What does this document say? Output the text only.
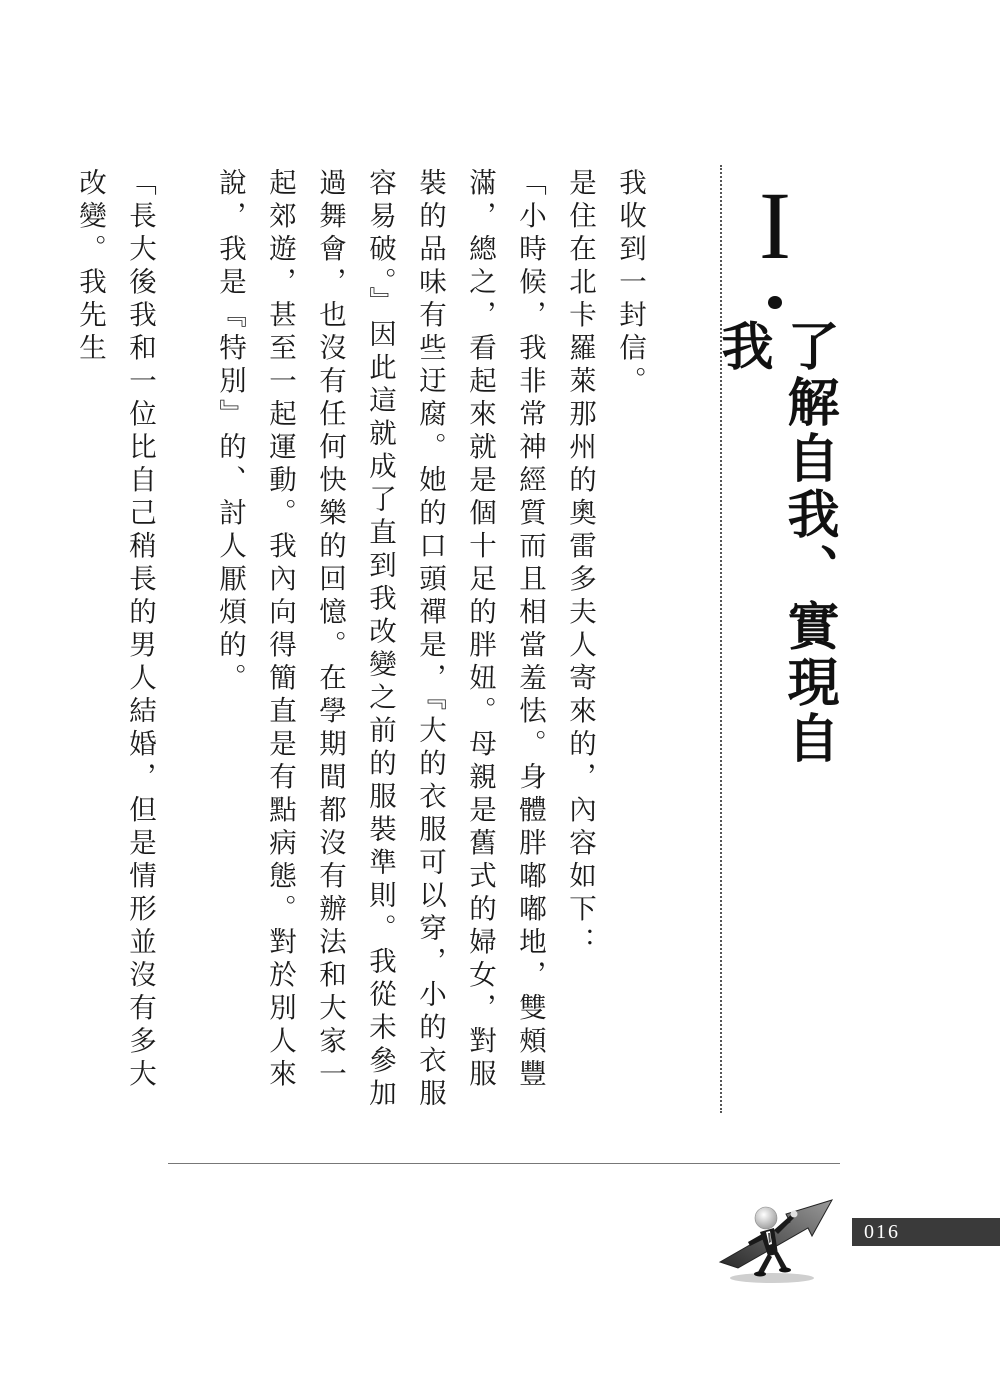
I
了解自我、實現自我

我收到一封信。

是住在北卡羅萊那州的奧雷多夫人寄來的，內容如下：

「小時候，我非常神經質而且相當羞怯。身體胖嘟嘟地，雙頰豐滿，總之，看起來就是個十足的胖妞。母親是舊式的婦女，對服裝的品味有些迂腐。她的口頭禪是，『大的衣服可以穿，小的衣服容易破。』因此這就成了直到我改變之前的服裝準則。我從未參加過舞會，也沒有任何快樂的回憶。在學期間都沒有辦法和大家一起郊遊，甚至一起運動。我內向得簡直是有點病態。對於別人來說，我是『特別』的、討人厭煩的。

「長大後我和一位比自己稍長的男人結婚，但是情形並沒有多大改變。我先生

016
